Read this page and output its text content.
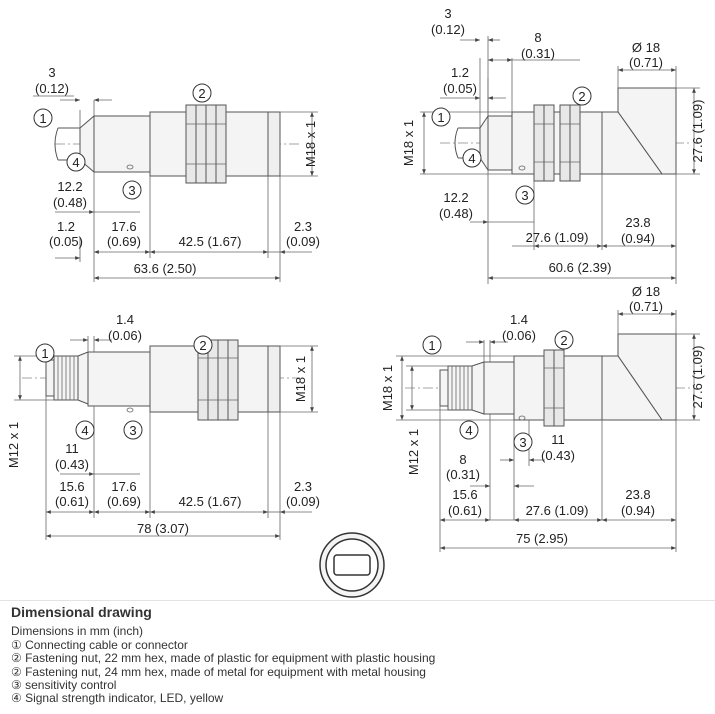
3
(0.12)
M18 x 1
12.2
(0.48)
1.2
(0.05)
17.6
(0.69)	42.5 (1.67)
2.3
(0.09)
63.6 (2.50)
1
2
3
4
3
(0.12)
8
(0.31)
1.2
(0.05)
Ø 18
(0.71)
27.6 (1.09)
M18 x 1
12.2
(0.48)
27.6 (1.09)
23.8
(0.94)
60.6 (2.39)
1
2
3
4
1.4
(0.06)
M18 x 1
M12 x 1	11
(0.43)
15.6
(0.61)
17.6
(0.69)	42.5 (1.67)
2.3
(0.09)
78 (3.07)
1
2
3
4
Ø 18
(0.71)
1.4
(0.06)
27.6 (1.09)
M18 x 1
M12 x 1	11
(0.43)
8
(0.31)
15.6
(0.61)	27.6 (1.09)
23.8
(0.94)
75 (2.95)
1	2
3
4
Dimensional drawing
Dimensions in mm (inch)
① Connecting cable or connector
② Fastening nut, 22 mm hex, made of plastic for equipment with plastic housing
② Fastening nut, 24 mm hex, made of metal for equipment with metal housing
③ sensitivity control
④ Signal strength indicator, LED, yellow
